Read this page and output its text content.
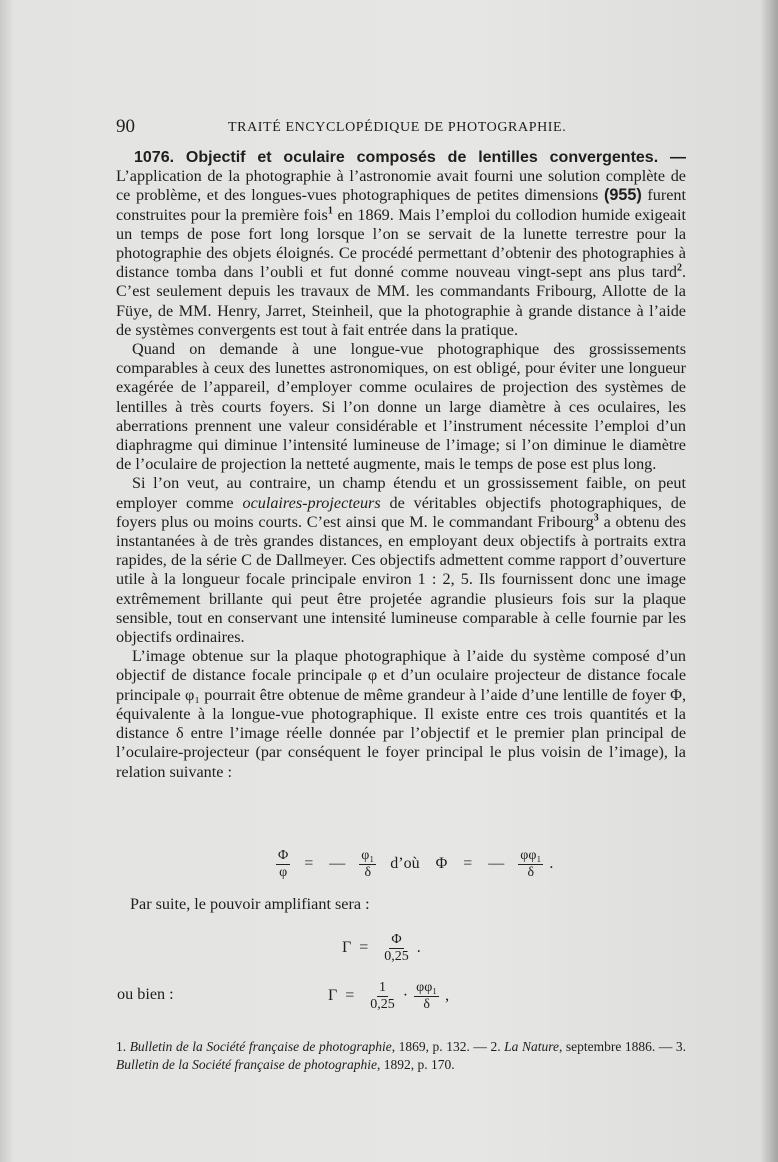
90	TRAITÉ ENCYCLOPÉDIQUE DE PHOTOGRAPHIE.

1076. Objectif et oculaire composés de lentilles convergentes. — L’application de la photographie à l’astronomie avait fourni une solution complète de ce problème, et des longues-vues photographiques de petites dimensions (955) furent construites pour la première fois$^1$ en 1869. Mais l’emploi du collodion humide exigeait un temps de pose fort long lorsque l’on se servait de la lunette terrestre pour la photographie des objets éloignés. Ce procédé permettant d’obtenir des photographies à distance tomba dans l’oubli et fut donné comme nouveau vingt-sept ans plus tard$^2$. C’est seulement depuis les travaux de MM. les commandants Fribourg, Allotte de la Füye, de MM. Henry, Jarret, Steinheil, que la photographie à grande distance à l’aide de systèmes convergents est tout à fait entrée dans la pratique.

Quand on demande à une longue-vue photographique des grossissements comparables à ceux des lunettes astronomiques, on est obligé, pour éviter une longueur exagérée de l’appareil, d’employer comme oculaires de projection des systèmes de lentilles à très courts foyers. Si l’on donne un large diamètre à ces oculaires, les aberrations prennent une valeur considérable et l’instrument nécessite l’emploi d’un diaphragme qui diminue l’intensité lumineuse de l’image; si l’on diminue le diamètre de l’oculaire de projection la netteté augmente, mais le temps de pose est plus long.

Si l’on veut, au contraire, un champ étendu et un grossissement faible, on peut employer comme oculaires-projecteurs de véritables objectifs photographiques, de foyers plus ou moins courts. C’est ainsi que M. le commandant Fribourg$^3$ a obtenu des instantanées à de très grandes distances, en employant deux objectifs à portraits extra rapides, de la série C de Dallmeyer. Ces objectifs admettent comme rapport d’ouverture utile à la longueur focale principale environ 1 : 2, 5. Ils fournissent donc une image extrêmement brillante qui peut être projetée agrandie plusieurs fois sur la plaque sensible, tout en conservant une intensité lumineuse comparable à celle fournie par les objectifs ordinaires.

L’image obtenue sur la plaque photographique à l’aide du système composé d’un objectif de distance focale principale φ et d’un oculaire projecteur de distance focale principale φ₁ pourrait être obtenue de même grandeur à l’aide d’une lentille de foyer Φ, équivalente à la longue-vue photographique. Il existe entre ces trois quantités et la distance δ entre l’image réelle donnée par l’objectif et le premier plan principal de l’oculaire-projecteur (par conséquent le foyer principal le plus voisin de l’image), la relation suivante :

$\frac{\Phi}{\varphi}$ = — $\frac{\text{φ₁}}{\delta}$ d’où Φ = — $\frac{\text{φφ₁}}{\delta}$ .
Par suite, le pouvoir amplifiant sera :
$\Gamma = \frac{\Phi}{0,25}$ .
ou bien :	$\Gamma = \frac{1}{0,25} \cdot \frac{\text{φφ₁}}{\delta}$ ,
1. Bulletin de la Société française de photographie, 1869, p. 132. — 2. La Nature, septembre 1886. — 3. Bulletin de la Société française de photographie, 1892, p. 170.
